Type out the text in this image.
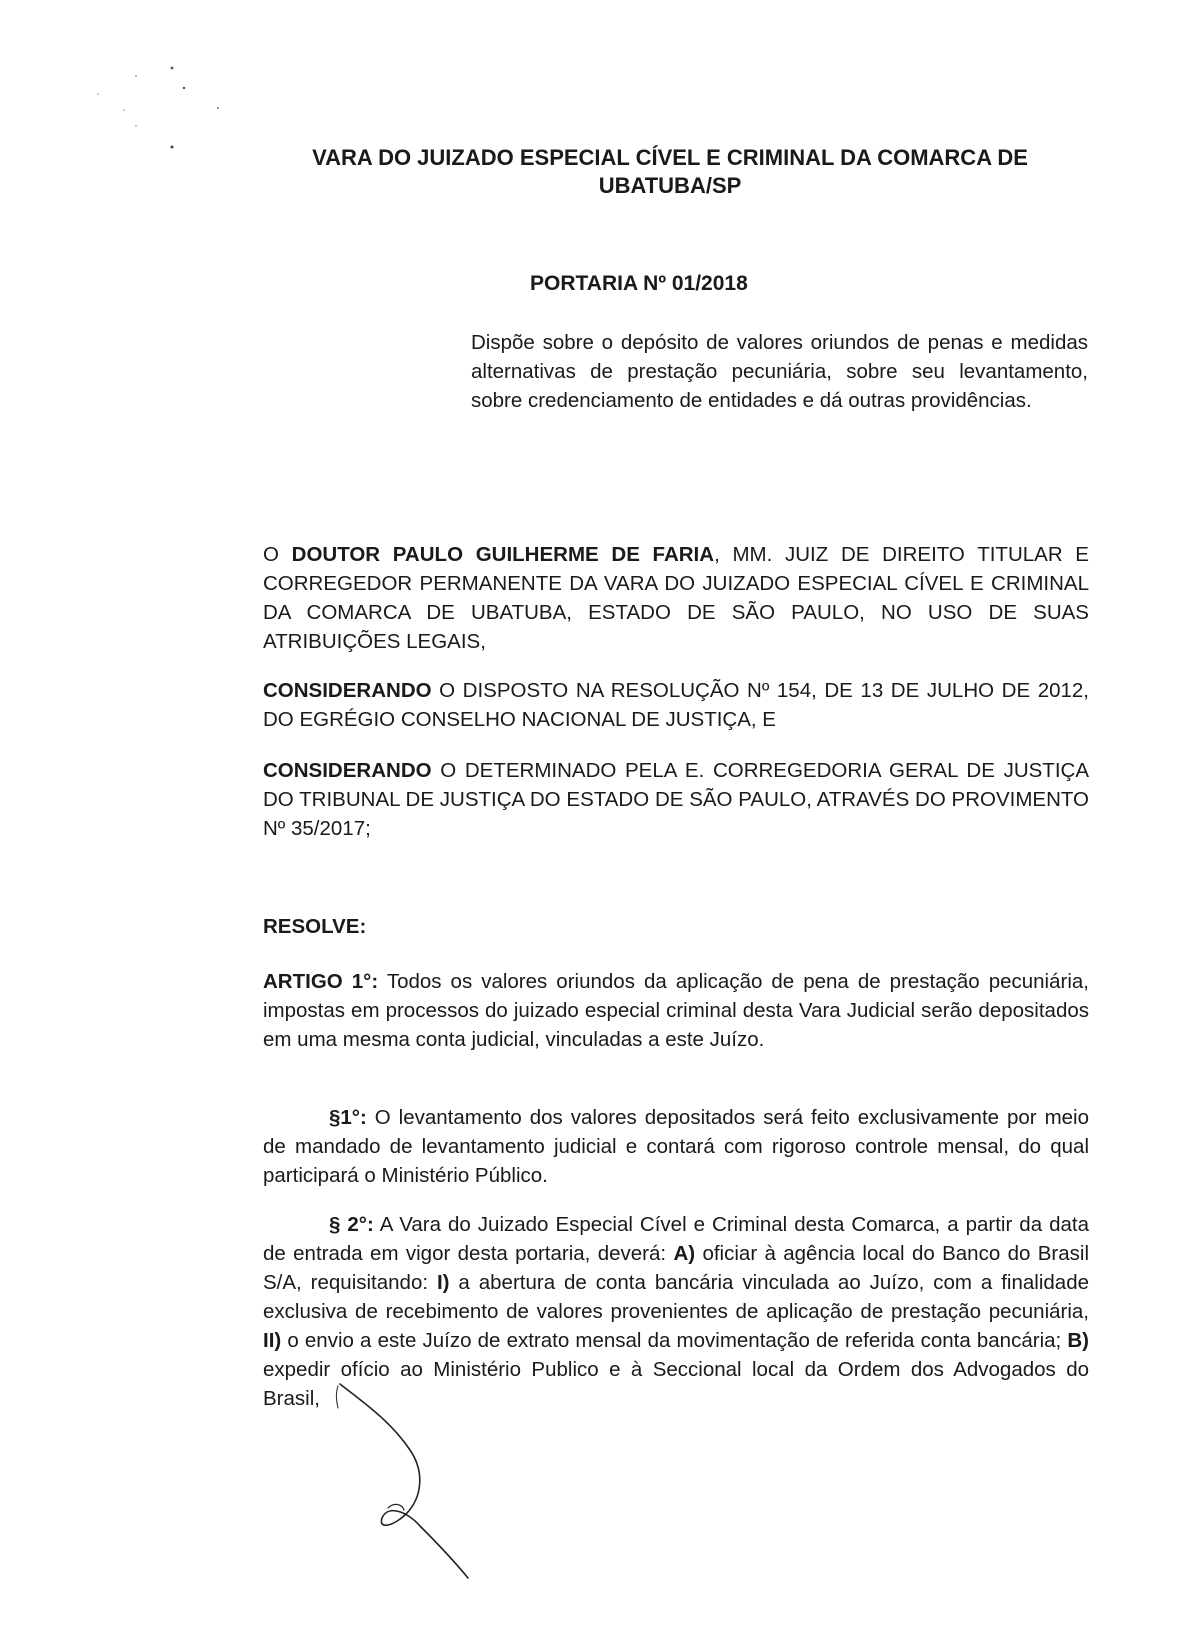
VARA DO JUIZADO ESPECIAL CÍVEL E CRIMINAL DA COMARCA DE
UBATUBA/SP
PORTARIA Nº 01/2018
Dispõe sobre o depósito de valores oriundos de penas e medidas alternativas de prestação pecuniária, sobre seu levantamento, sobre credenciamento de entidades e dá outras providências.
O DOUTOR PAULO GUILHERME DE FARIA, MM. JUIZ DE DIREITO TITULAR E CORREGEDOR PERMANENTE DA VARA DO JUIZADO ESPECIAL CÍVEL E CRIMINAL DA COMARCA DE UBATUBA, ESTADO DE SÃO PAULO, NO USO DE SUAS ATRIBUIÇÕES LEGAIS,
CONSIDERANDO O DISPOSTO NA RESOLUÇÃO Nº 154, DE 13 DE JULHO DE 2012, DO EGRÉGIO CONSELHO NACIONAL DE JUSTIÇA, E
CONSIDERANDO O DETERMINADO PELA E. CORREGEDORIA GERAL DE JUSTIÇA DO TRIBUNAL DE JUSTIÇA DO ESTADO DE SÃO PAULO, ATRAVÉS DO PROVIMENTO Nº 35/2017;
RESOLVE:
ARTIGO 1°: Todos os valores oriundos da aplicação de pena de prestação pecuniária, impostas em processos do juizado especial criminal desta Vara Judicial serão depositados em uma mesma conta judicial, vinculadas a este Juízo.
§1°: O levantamento dos valores depositados será feito exclusivamente por meio de mandado de levantamento judicial e contará com rigoroso controle mensal, do qual participará o Ministério Público.
§ 2°: A Vara do Juizado Especial Cível e Criminal desta Comarca, a partir da data de entrada em vigor desta portaria, deverá: A) oficiar à agência local do Banco do Brasil S/A, requisitando: I) a abertura de conta bancária vinculada ao Juízo, com a finalidade exclusiva de recebimento de valores provenientes de aplicação de prestação pecuniária, II) o envio a este Juízo de extrato mensal da movimentação de referida conta bancária; B) expedir ofício ao Ministério Publico e à Seccional local da Ordem dos Advogados do Brasil,
